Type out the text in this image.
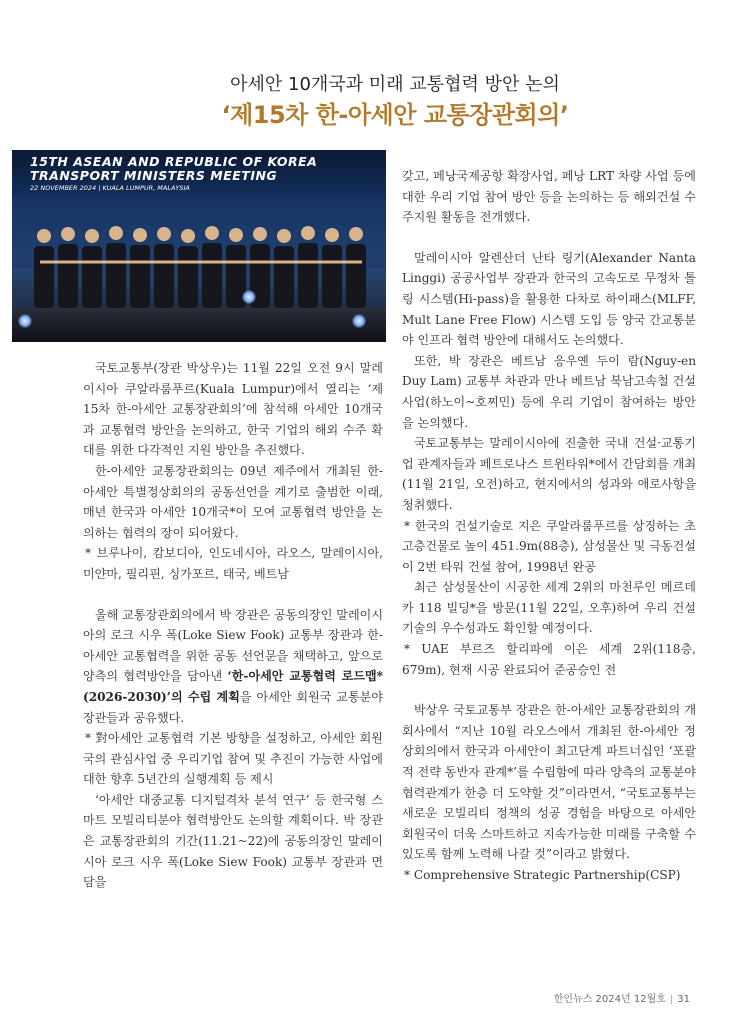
아세안 10개국과 미래 교통협력 방안 논의
‘제15차 한-아세안 교통장관회의’
15TH ASEAN AND REPUBLIC OF KOREA
TRANSPORT MINISTERS MEETING
22 NOVEMBER 2024 | KUALA LUMPUR, MALAYSIA

국토교통부(장관 박상우)는 11월 22일 오전 9시 말레이시아 쿠알라룸푸르(Kuala Lumpur)에서 열리는 ‘제15차 한-아세안 교통장관회의’에 참석해 아세안 10개국과 교통협력 방안을 논의하고, 한국 기업의 해외 수주 확대를 위한 다각적인 지원 방안을 추진했다.

한-아세안 교통장관회의는 09년 제주에서 개최된 한-아세안 특별정상회의의 공동선언을 계기로 출범한 이래, 매년 한국과 아세안 10개국*이 모여 교통협력 방안을 논의하는 협력의 장이 되어왔다.

* 브루나이, 캄보디아, 인도네시아, 라오스, 말레이시아, 미얀마, 필리핀, 싱가포르, 태국, 베트남

올해 교통장관회의에서 박 장관은 공동의장인 말레이시아의 로크 시우 폭(Loke Siew Fook) 교통부 장관과 한-아세안 교통협력을 위한 공동 선언문을 채택하고, 앞으로 양측의 협력방안을 담아낸 ‘한-아세안 교통협력 로드맵*(2026-2030)’의 수립 계획을 아세안 회원국 교통분야 장관들과 공유했다.

* 對아세안 교통협력 기본 방향을 설정하고, 아세안 회원국의 관심사업 중 우리기업 참여 및 추진이 가능한 사업에 대한 향후 5년간의 실행계획 등 제시

‘아세안 대중교통 디지털격차 분석 연구’ 등 한국형 스마트 모빌리티분야 협력방안도 논의할 계획이다. 박 장관은 교통장관회의 기간(11.21~22)에 공동의장인 말레이시아 로크 시우 폭(Loke Siew Fook) 교통부 장관과 면담을

갖고, 페낭국제공항 확장사업, 페낭 LRT 차량 사업 등에 대한 우리 기업 참여 방안 등을 논의하는 등 해외건설 수주지원 활동을 전개했다.

말레이시아 알렌산더 난타 링기(Alexander Nanta Linggi) 공공사업부 장관과 한국의 고속도로 무정차 톨링 시스템(Hi-pass)을 활용한 다차로 하이패스(MLFF, Mult Lane Free Flow) 시스템 도입 등 양국 간교통분야 인프라 협력 방안에 대해서도 논의했다.

또한, 박 장관은 베트남 응우옌 두이 람(Nguy-en Duy Lam) 교통부 차관과 만나 베트남 북남고속철 건설사업(하노이~호찌민) 등에 우리 기업이 참여하는 방안을 논의했다.

국토교통부는 말레이시아에 진출한 국내 건설·교통기업 관계자들과 페트로나스 트윈타워*에서 간담회를 개최(11월 21일, 오전)하고, 현지에서의 성과와 애로사항을 청취했다.

* 한국의 건설기술로 지은 쿠알라룸푸르를 상징하는 초고층건물로 높이 451.9m(88층), 삼성물산 및 극동건설이 2번 타워 건설 참여, 1998년 완공

최근 삼성물산이 시공한 세계 2위의 마천루인 메르데카 118 빌딩*을 방문(11월 22일, 오후)하여 우리 건설 기술의 우수성과도 확인할 예정이다.

* UAE 부르즈 할리파에 이은 세계 2위(118층, 679m), 현재 시공 완료되어 준공승인 전

박상우 국토교통부 장관은 한-아세안 교통장관회의 개회사에서 “지난 10월 라오스에서 개최된 한-아세안 정상회의에서 한국과 아세안이 최고단계 파트너십인 ‘포괄적 전략 동반자 관계*’를 수립함에 따라 양측의 교통분야 협력관계가 한층 더 도약할 것”이라면서, “국토교통부는 새로운 모빌리티 정책의 성공 경험을 바탕으로 아세안 회원국이 더욱 스마트하고 지속가능한 미래를 구축할 수 있도록 함께 노력해 나갈 것”이라고 밝혔다.

* Comprehensive Strategic Partnership(CSP)

한인뉴스 2024년 12월호 | 31
